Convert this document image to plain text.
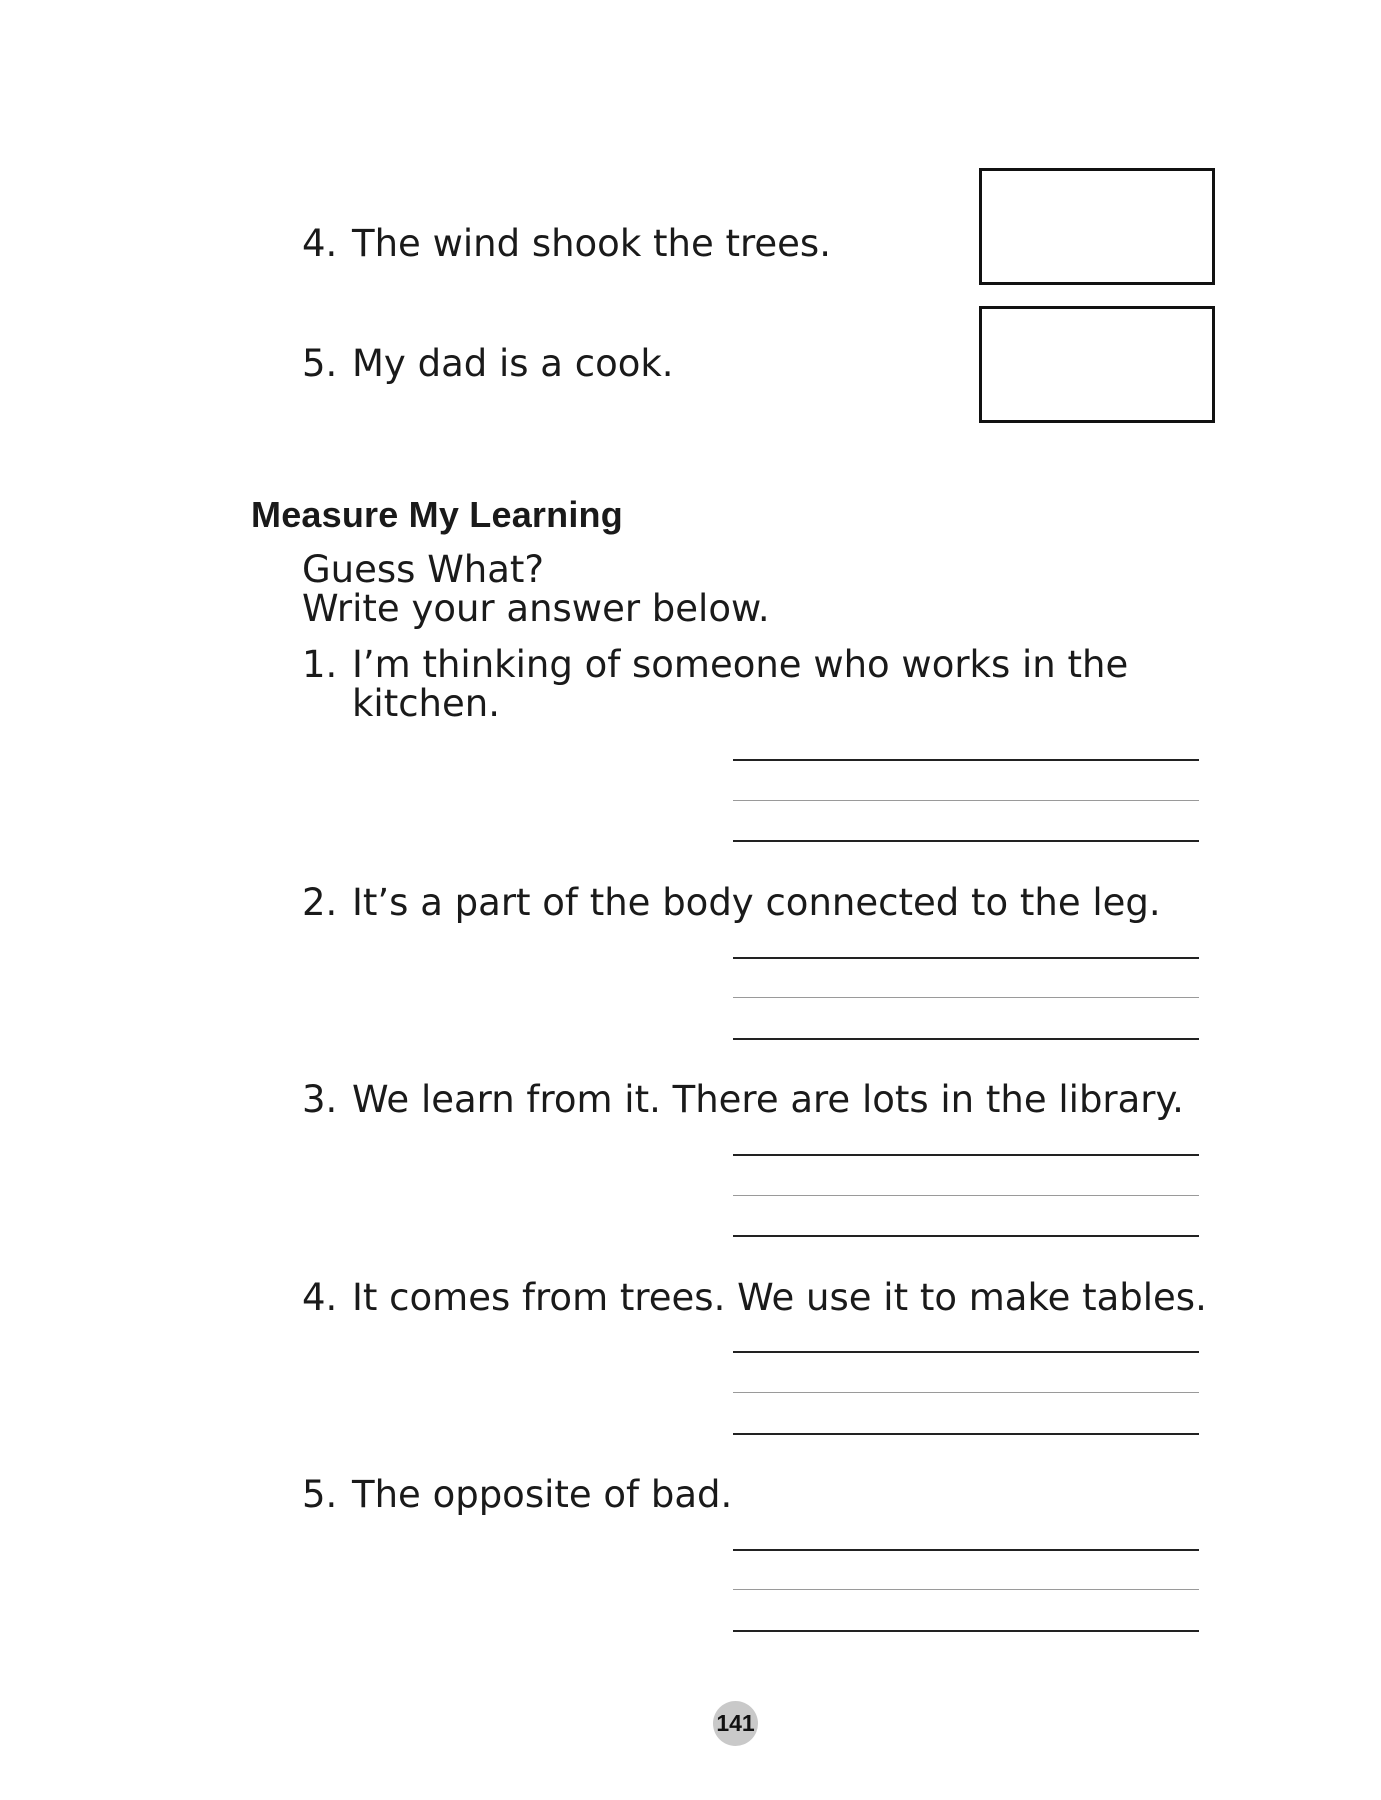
4. The wind shook the trees.
5. My dad is a cook.
Measure My Learning
Guess What?
Write your answer below.
1. I’m thinking of someone who works in the
kitchen.
2. It’s a part of the body connected to the leg.
3. We learn from it. There are lots in the library.
4. It comes from trees. We use it to make tables.
5. The opposite of bad.
141
